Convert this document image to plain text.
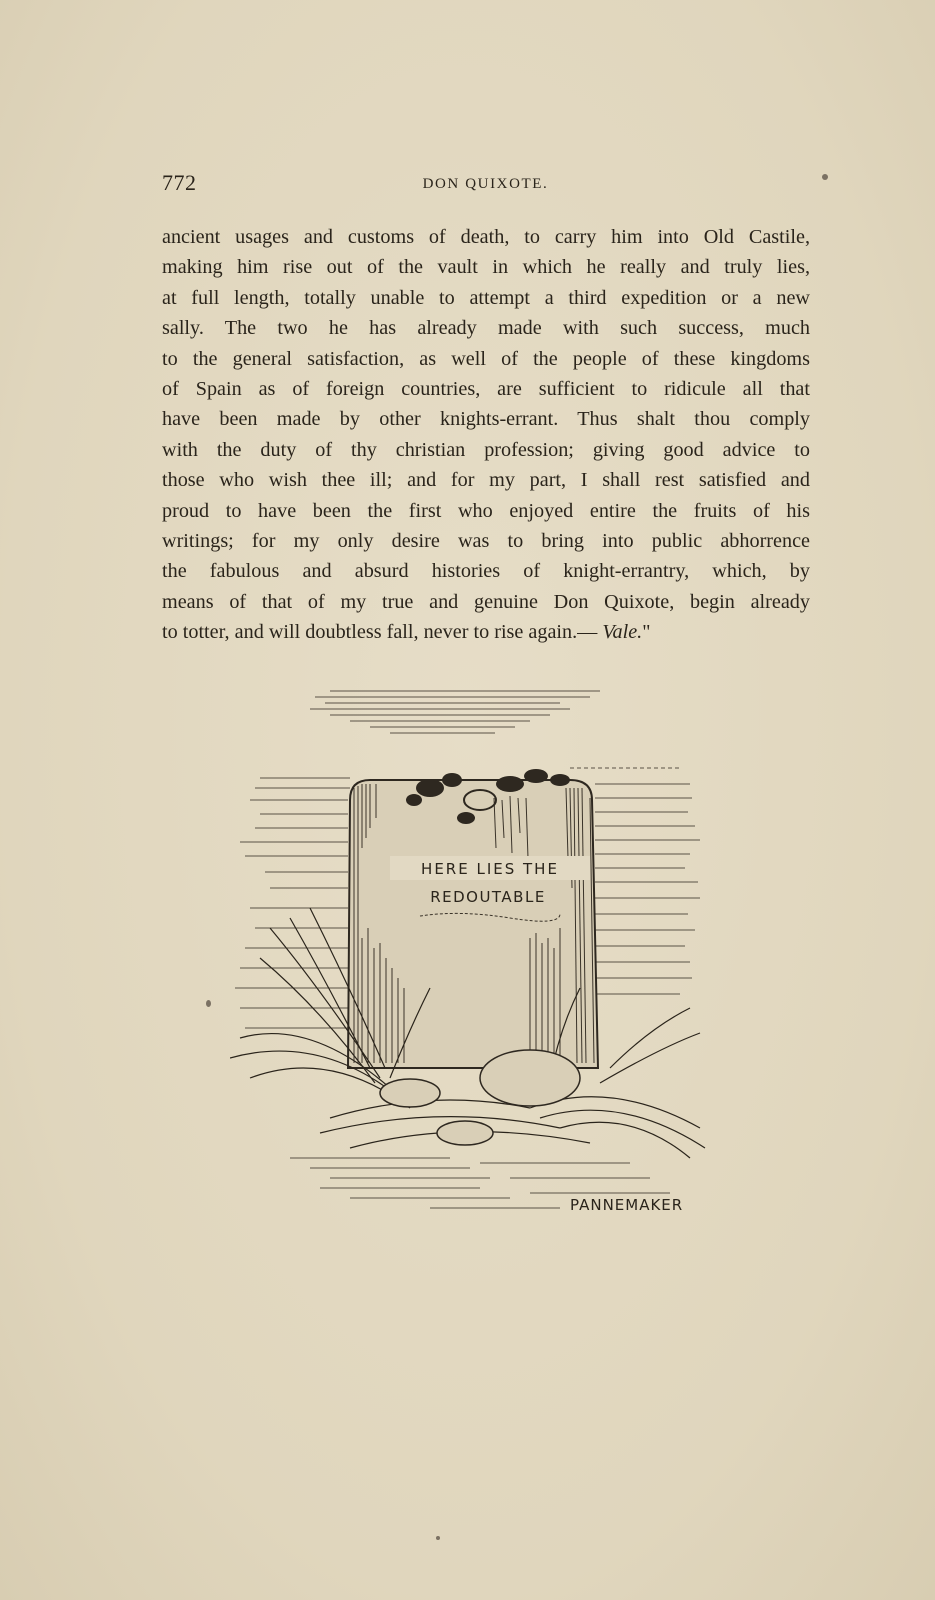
772	DON QUIXOTE.
ancient usages and customs of death, to carry him into Old Castile,
making him rise out of the vault in which he really and truly lies,
at full length, totally unable to attempt a third expedition or a new
sally. The two he has already made with such success, much
to the general satisfaction, as well of the people of these kingdoms
of Spain as of foreign countries, are sufficient to ridicule all that
have been made by other knights-errant. Thus shalt thou comply
with the duty of thy christian profession; giving good advice to
those who wish thee ill; and for my part, I shall rest satisfied and
proud to have been the first who enjoyed entire the fruits of his
writings; for my only desire was to bring into public abhorrence
the fabulous and absurd histories of knight-errantry, which, by
means of that of my true and genuine Don Quixote, begin already
to totter, and will doubtless fall, never to rise again.— Vale."
HERE LIES THE
REDOUTABLE
PANNEMAKER
